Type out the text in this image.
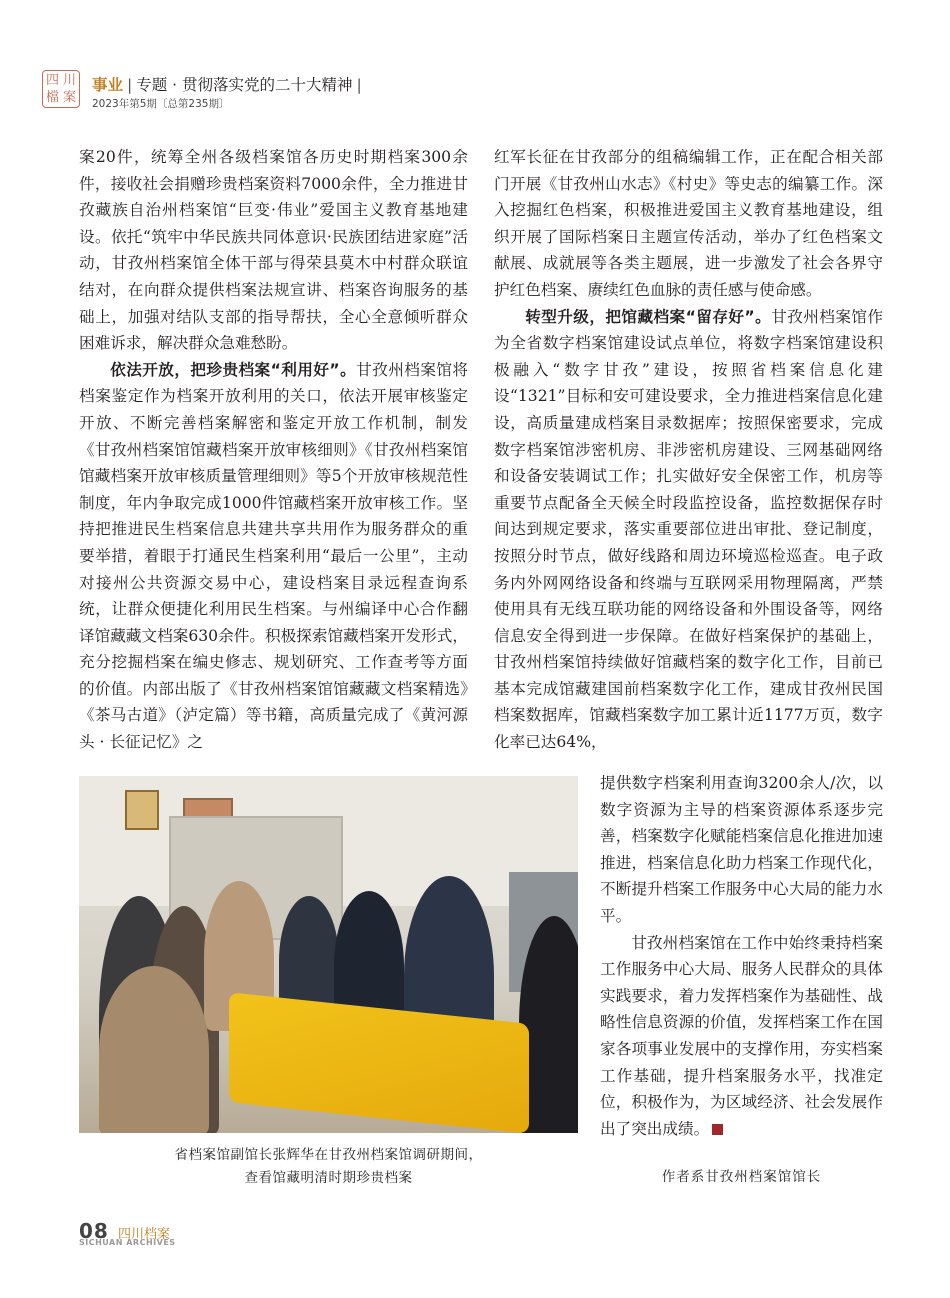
四 川
檔 案
事业 | 专题 · 贯彻落实党的二十大精神 |
2023年第5期〔总第235期〕

案20件，统筹全州各级档案馆各历史时期档案300余件，接收社会捐赠珍贵档案资料7000余件，全力推进甘孜藏族自治州档案馆“巨变·伟业”爱国主义教育基地建设。依托“筑牢中华民族共同体意识·民族团结进家庭”活动，甘孜州档案馆全体干部与得荣县莫木中村群众联谊结对，在向群众提供档案法规宣讲、档案咨询服务的基础上，加强对结队支部的指导帮扶，全心全意倾听群众困难诉求，解决群众急难愁盼。

依法开放，把珍贵档案“利用好”。甘孜州档案馆将档案鉴定作为档案开放利用的关口，依法开展审核鉴定开放、不断完善档案解密和鉴定开放工作机制，制发《甘孜州档案馆馆藏档案开放审核细则》《甘孜州档案馆馆藏档案开放审核质量管理细则》等5个开放审核规范性制度，年内争取完成1000件馆藏档案开放审核工作。坚持把推进民生档案信息共建共享共用作为服务群众的重要举措，着眼于打通民生档案利用“最后一公里”，主动对接州公共资源交易中心，建设档案目录远程查询系统，让群众便捷化利用民生档案。与州编译中心合作翻译馆藏藏文档案630余件。积极探索馆藏档案开发形式，充分挖掘档案在编史修志、规划研究、工作查考等方面的价值。内部出版了《甘孜州档案馆馆藏藏文档案精选》《茶马古道》（泸定篇）等书籍，高质量完成了《黄河源头 · 长征记忆》之

红军长征在甘孜部分的组稿编辑工作，正在配合相关部门开展《甘孜州山水志》《村史》等史志的编纂工作。深入挖掘红色档案，积极推进爱国主义教育基地建设，组织开展了国际档案日主题宣传活动，举办了红色档案文献展、成就展等各类主题展，进一步激发了社会各界守护红色档案、赓续红色血脉的责任感与使命感。

转型升级，把馆藏档案“留存好”。甘孜州档案馆作为全省数字档案馆建设试点单位，将数字档案馆建设积极融入“数字甘孜”建设，按照省档案信息化建设“1321”目标和安可建设要求，全力推进档案信息化建设，高质量建成档案目录数据库；按照保密要求，完成数字档案馆涉密机房、非涉密机房建设、三网基础网络和设备安装调试工作；扎实做好安全保密工作，机房等重要节点配备全天候全时段监控设备，监控数据保存时间达到规定要求，落实重要部位进出审批、登记制度，按照分时节点，做好线路和周边环境巡检巡查。电子政务内外网网络设备和终端与互联网采用物理隔离，严禁使用具有无线互联功能的网络设备和外围设备等，网络信息安全得到进一步保障。在做好档案保护的基础上，甘孜州档案馆持续做好馆藏档案的数字化工作，目前已基本完成馆藏建国前档案数字化工作，建成甘孜州民国档案数据库，馆藏档案数字加工累计近1177万页，数字化率已达64%，

省档案馆副馆长张辉华在甘孜州档案馆调研期间，
查看馆藏明清时期珍贵档案

提供数字档案利用查询3200余人/次，以数字资源为主导的档案资源体系逐步完善，档案数字化赋能档案信息化推进加速推进，档案信息化助力档案工作现代化，不断提升档案工作服务中心大局的能力水平。

甘孜州档案馆在工作中始终秉持档案工作服务中心大局、服务人民群众的具体实践要求，着力发挥档案作为基础性、战略性信息资源的价值，发挥档案工作在国家各项事业发展中的支撑作用，夯实档案工作基础，提升档案服务水平，找准定位，积极作为，为区域经济、社会发展作出了突出成绩。

作者系甘孜州档案馆馆长
08 四川档案
SICHUAN ARCHIVES
